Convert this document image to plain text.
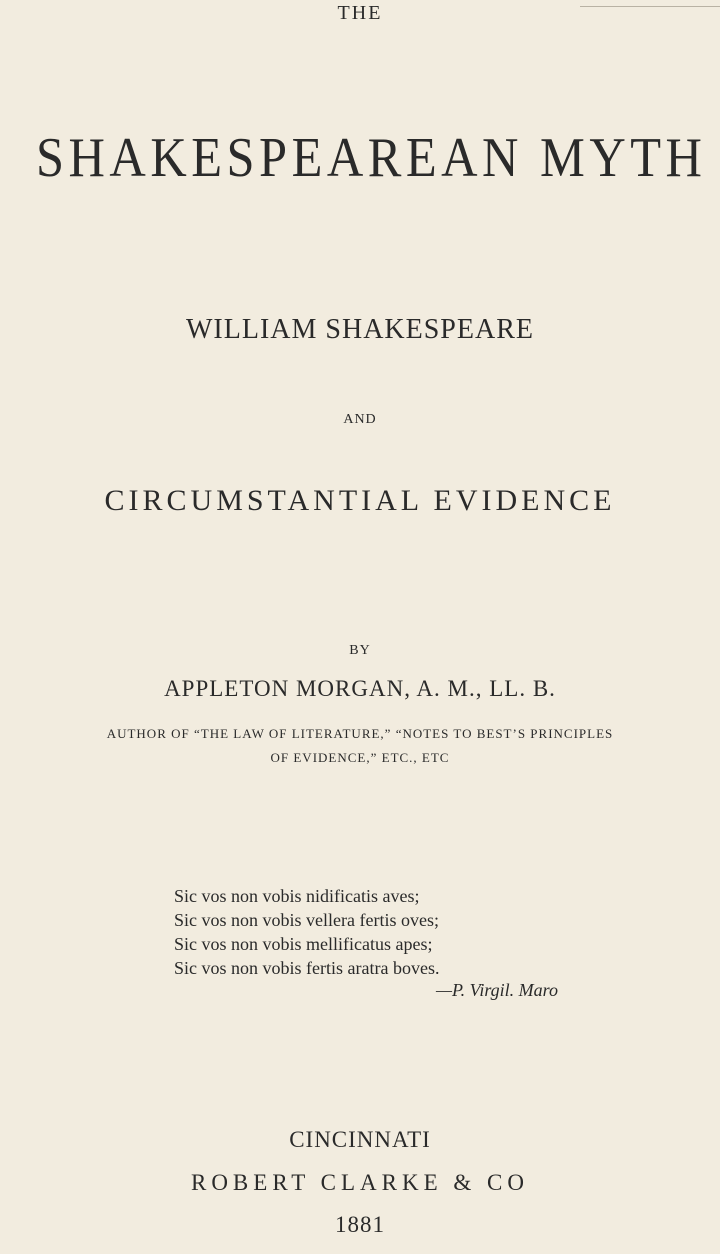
THE
SHAKESPEAREAN MYTH
WILLIAM SHAKESPEARE
AND
CIRCUMSTANTIAL EVIDENCE
BY
APPLETON MORGAN, A. M., LL. B.
AUTHOR OF “THE LAW OF LITERATURE,” “NOTES TO BEST’S PRINCIPLES
OF EVIDENCE,” ETC., ETC
Sic vos non vobis nidificatis aves;
Sic vos non vobis vellera fertis oves;
Sic vos non vobis mellificatus apes;
Sic vos non vobis fertis aratra boves.
—P. Virgil. Maro
CINCINNATI
ROBERT CLARKE & CO
1881
